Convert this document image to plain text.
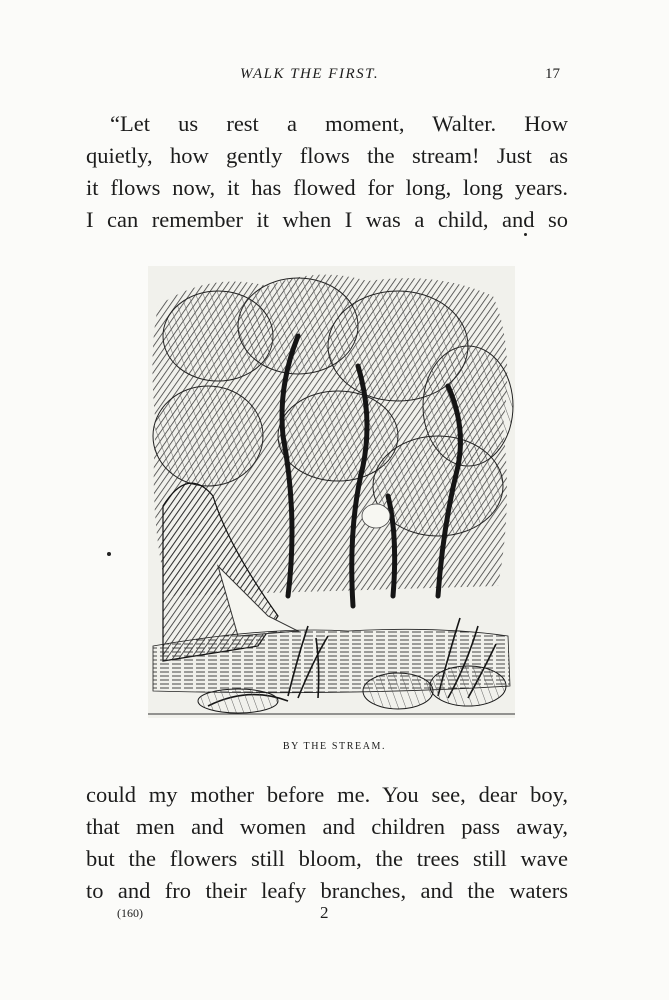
WALK THE FIRST.	17
“Let us rest a moment, Walter. How
quietly, how gently flows the stream! Just as
it flows now, it has flowed for long, long years.
I can remember it when I was a child, and so
BY THE STREAM.
could my mother before me. You see, dear boy,
that men and women and children pass away,
but the flowers still bloom, the trees still wave
to and fro their leafy branches, and the waters
(160)	2
